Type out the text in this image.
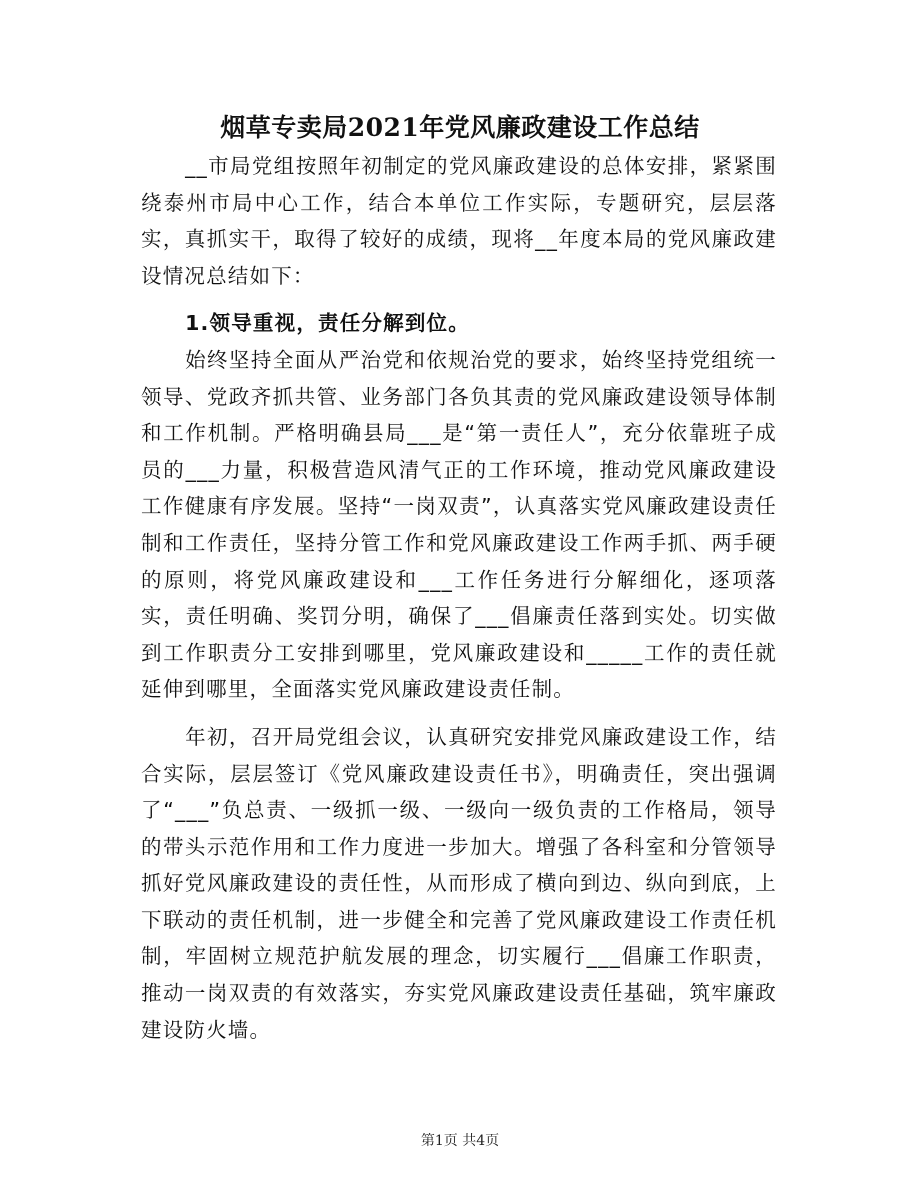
烟草专卖局2021年党风廉政建设工作总结

__市局党组按照年初制定的党风廉政建设的总体安排，紧紧围绕泰州市局中心工作，结合本单位工作实际，专题研究，层层落实，真抓实干，取得了较好的成绩，现将__年度本局的党风廉政建设情况总结如下：

1.领导重视，责任分解到位。

始终坚持全面从严治党和依规治党的要求，始终坚持党组统一领导、党政齐抓共管、业务部门各负其责的党风廉政建设领导体制和工作机制。严格明确县局___是“第一责任人”，充分依靠班子成员的___力量，积极营造风清气正的工作环境，推动党风廉政建设工作健康有序发展。坚持“一岗双责”，认真落实党风廉政建设责任制和工作责任，坚持分管工作和党风廉政建设工作两手抓、两手硬的原则，将党风廉政建设和___工作任务进行分解细化，逐项落实，责任明确、奖罚分明，确保了___倡廉责任落到实处。切实做到工作职责分工安排到哪里，党风廉政建设和_____工作的责任就延伸到哪里，全面落实党风廉政建设责任制。

年初，召开局党组会议，认真研究安排党风廉政建设工作，结合实际，层层签订《党风廉政建设责任书》，明确责任，突出强调了“___”负总责、一级抓一级、一级向一级负责的工作格局，领导的带头示范作用和工作力度进一步加大。增强了各科室和分管领导抓好党风廉政建设的责任性，从而形成了横向到边、纵向到底，上下联动的责任机制，进一步健全和完善了党风廉政建设工作责任机制，牢固树立规范护航发展的理念，切实履行___倡廉工作职责，推动一岗双责的有效落实，夯实党风廉政建设责任基础，筑牢廉政建设防火墙。

第1页 共4页
